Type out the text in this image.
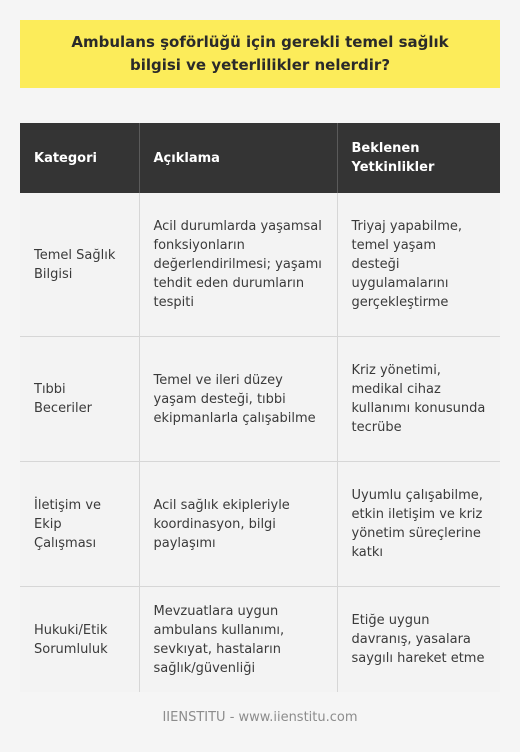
Ambulans şoförlüğü için gerekli temel sağlık bilgisi ve yeterlilikler nelerdir?
Kategori	Açıklama	Beklenen Yetkinlikler
Temel Sağlık Bilgisi	Acil durumlarda yaşamsal fonksiyonların değerlendirilmesi; yaşamı tehdit eden durumların tespiti	Triyaj yapabilme, temel yaşam desteği uygulamalarını gerçekleştirme
Tıbbi Beceriler	Temel ve ileri düzey yaşam desteği, tıbbi ekipmanlarla çalışabilme	Kriz yönetimi, medikal cihaz kullanımı konusunda tecrübe
İletişim ve Ekip Çalışması	Acil sağlık ekipleriyle koordinasyon, bilgi paylaşımı	Uyumlu çalışabilme, etkin iletişim ve kriz yönetim süreçlerine katkı
Hukuki/Etik Sorumluluk	Mevzuatlara uygun ambulans kullanımı, sevkıyat, hastaların sağlık/güvenliği	Etiğe uygun davranış, yasalara saygılı hareket etme
IIENSTITU - www.iienstitu.com
